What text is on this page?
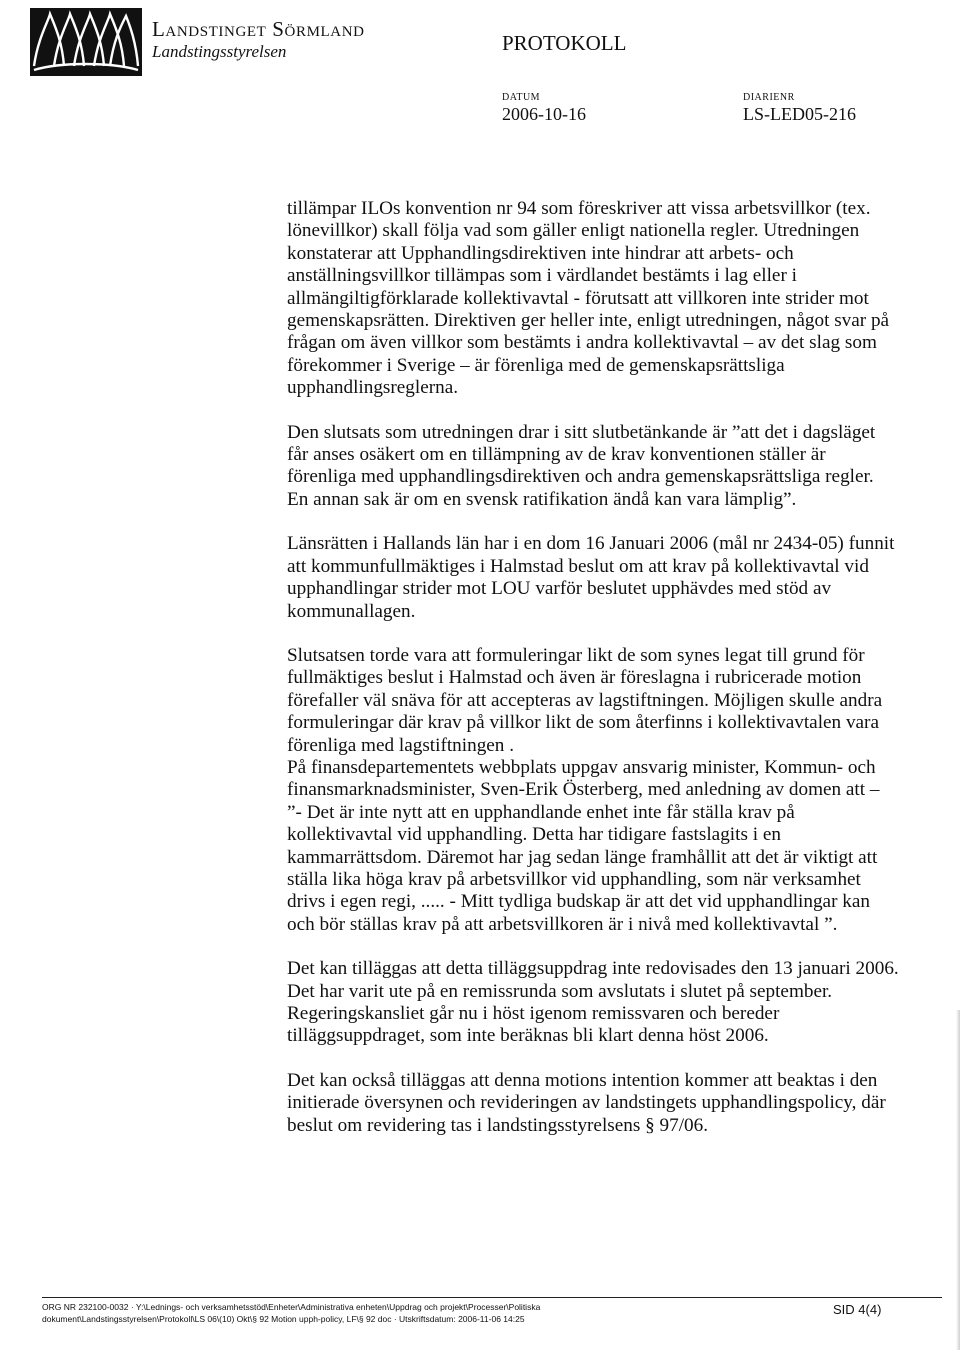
Landstinget Sörmland
Landstingsstyrelsen	PROTOKOLL
DATUM
2006-10-16
DIARIENR
LS-LED05-216

tillämpar ILOs konvention nr 94 som föreskriver att vissa arbetsvillkor (tex. lönevillkor) skall följa vad som gäller enligt nationella regler. Utredningen konstaterar att Upphandlingsdirektiven inte hindrar att arbets- och anställningsvillkor tillämpas som i värdlandet bestämts i lag eller i allmängiltigförklarade kollektivavtal - förutsatt att villkoren inte strider mot gemenskapsrätten. Direktiven ger heller inte, enligt utredningen, något svar på frågan om även villkor som bestämts i andra kollektivavtal – av det slag som förekommer i Sverige – är förenliga med de gemenskapsrättsliga upphandlingsreglerna.

Den slutsats som utredningen drar i sitt slutbetänkande är ”att det i dagsläget får anses osäkert om en tillämpning av de krav konventionen ställer är förenliga med upphandlingsdirektiven och andra gemenskapsrättsliga regler. En annan sak är om en svensk ratifikation ändå kan vara lämplig”.

Länsrätten i Hallands län har i en dom 16 Januari 2006 (mål nr 2434-05) funnit att kommunfullmäktiges i Halmstad beslut om att krav på kollektivavtal vid upphandlingar strider mot LOU varför beslutet upphävdes med stöd av kommunallagen.

Slutsatsen torde vara att formuleringar likt de som synes legat till grund för fullmäktiges beslut i Halmstad och även är föreslagna i rubricerade motion förefaller väl snäva för att accepteras av lagstiftningen. Möjligen skulle andra formuleringar där krav på villkor likt de som återfinns i kollektivavtalen vara förenliga med lagstiftningen .

På finansdepartementets webbplats uppgav ansvarig minister, Kommun- och finansmarknadsminister, Sven-Erik Österberg, med anledning av domen att – ”- Det är inte nytt att en upphandlande enhet inte får ställa krav på kollektivavtal vid upphandling. Detta har tidigare fastslagits i en kammarrättsdom. Däremot har jag sedan länge framhållit att det är viktigt att ställa lika höga krav på arbetsvillkor vid upphandling, som när verksamhet drivs i egen regi, ..... - Mitt tydliga budskap är att det vid upphandlingar kan och bör ställas krav på att arbetsvillkoren är i nivå med kollektivavtal ”.

Det kan tilläggas att detta tilläggsuppdrag inte redovisades den 13 januari 2006. Det har varit ute på en remissrunda som avslutats i slutet på september. Regeringskansliet går nu i höst igenom remissvaren och bereder tilläggsuppdraget, som inte beräknas bli klart denna höst 2006.

Det kan också tilläggas att denna motions intention kommer att beaktas i den initierade översynen och revideringen av landstingets upphandlingspolicy, där beslut om revidering tas i landstingsstyrelsens § 97/06.

ORG NR 232100-0032 · Y:\Lednings- och verksamhetsstöd\Enheter\Administrativa enheten\Uppdrag och projekt\Processer\Politiska
dokument\Landstingsstyrelsen\Protokoll\LS 06\(10) Okt\§ 92 Motion upph-policy, LF\§ 92 doc · Utskriftsdatum: 2006-11-06 14:25
SID 4(4)
